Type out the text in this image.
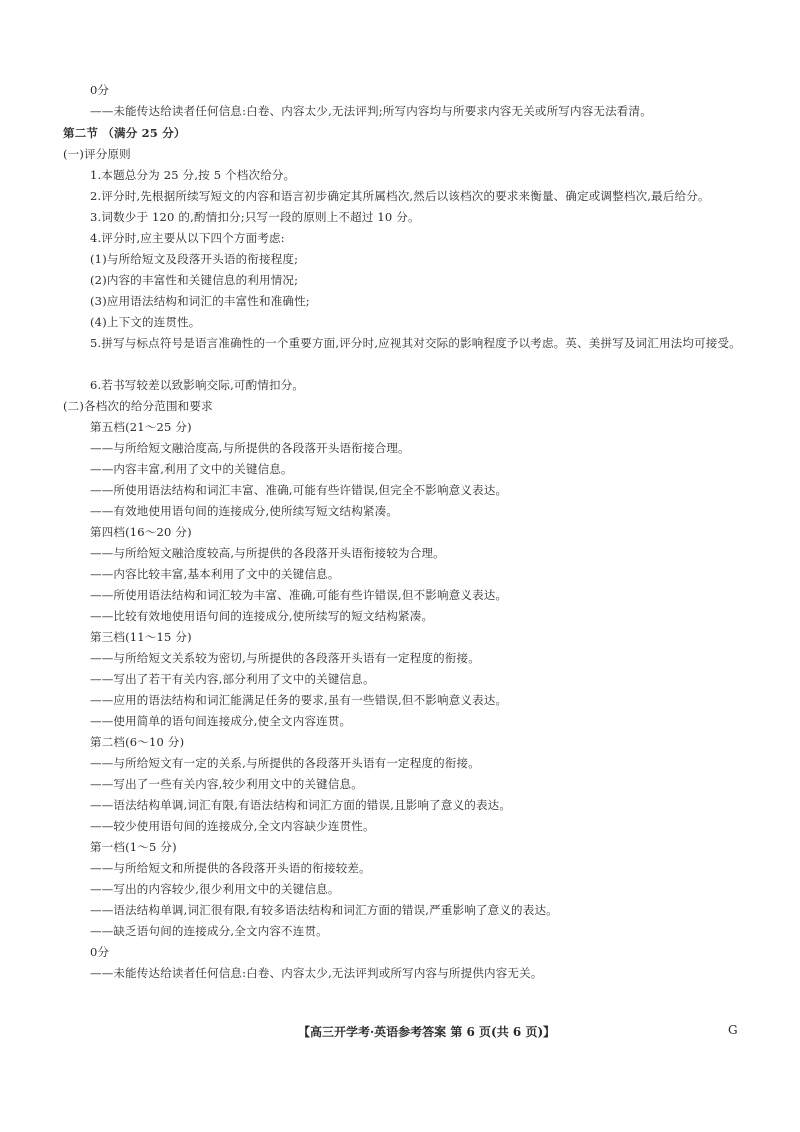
0分
——未能传达给读者任何信息:白卷、内容太少,无法评判;所写内容均与所要求内容无关或所写内容无法看清。
第二节 （满分 25 分）
(一)评分原则
1.本题总分为 25 分,按 5 个档次给分。
2.评分时,先根据所续写短文的内容和语言初步确定其所属档次,然后以该档次的要求来衡量、确定或调整档次,最后给分。
3.词数少于 120 的,酌情扣分;只写一段的原则上不超过 10 分。
4.评分时,应主要从以下四个方面考虑:
(1)与所给短文及段落开头语的衔接程度;
(2)内容的丰富性和关键信息的利用情况;
(3)应用语法结构和词汇的丰富性和准确性;
(4)上下文的连贯性。
5.拼写与标点符号是语言准确性的一个重要方面,评分时,应视其对交际的影响程度予以考虑。英、美拼写及词汇用法均可接受。
6.若书写较差以致影响交际,可酌情扣分。
(二)各档次的给分范围和要求
第五档(21～25 分)
——与所给短文融洽度高,与所提供的各段落开头语衔接合理。
——内容丰富,利用了文中的关键信息。
——所使用语法结构和词汇丰富、准确,可能有些许错误,但完全不影响意义表达。
——有效地使用语句间的连接成分,使所续写短文结构紧凑。
第四档(16～20 分)
——与所给短文融洽度较高,与所提供的各段落开头语衔接较为合理。
——内容比较丰富,基本利用了文中的关键信息。
——所使用语法结构和词汇较为丰富、准确,可能有些许错误,但不影响意义表达。
——比较有效地使用语句间的连接成分,使所续写的短文结构紧凑。
第三档(11～15 分)
——与所给短文关系较为密切,与所提供的各段落开头语有一定程度的衔接。
——写出了若干有关内容,部分利用了文中的关键信息。
——应用的语法结构和词汇能满足任务的要求,虽有一些错误,但不影响意义表达。
——使用简单的语句间连接成分,使全文内容连贯。
第二档(6～10 分)
——与所给短文有一定的关系,与所提供的各段落开头语有一定程度的衔接。
——写出了一些有关内容,较少利用文中的关键信息。
——语法结构单调,词汇有限,有语法结构和词汇方面的错误,且影响了意义的表达。
——较少使用语句间的连接成分,全文内容缺少连贯性。
第一档(1～5 分)
——与所给短文和所提供的各段落开头语的衔接较差。
——写出的内容较少,很少利用文中的关键信息。
——语法结构单调,词汇很有限,有较多语法结构和词汇方面的错误,严重影响了意义的表达。
——缺乏语句间的连接成分,全文内容不连贯。
0分
——未能传达给读者任何信息:白卷、内容太少,无法评判或所写内容与所提供内容无关。
【高三开学考·英语参考答案 第 6 页(共 6 页)】	G
